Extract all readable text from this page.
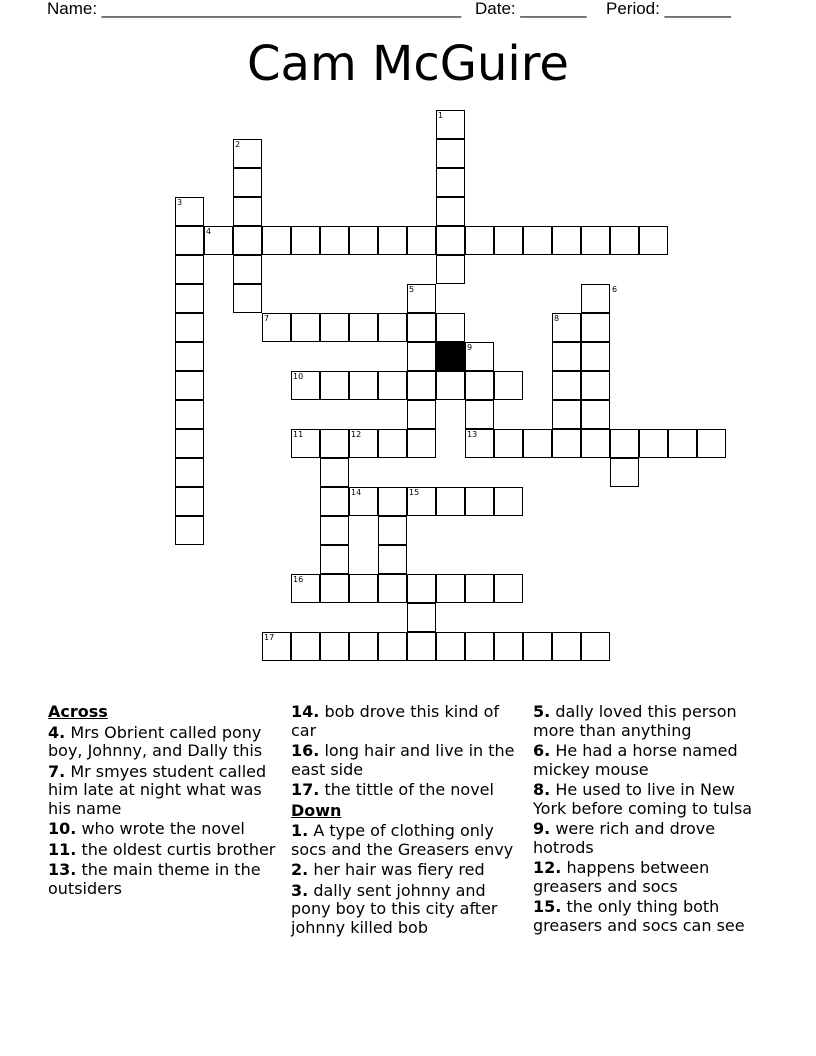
Name: ______________________________________ Date: _______ Period: _______
Cam McGuire
1
2
3
4
5	6
7	8
9
10
11	12	13
14	15
16
17

Across

4. Mrs Obrient called pony boy, Johnny, and Dally this

7. Mr smyes student called him late at night what was his name

10. who wrote the novel

11. the oldest curtis brother

13. the main theme in the outsiders

14. bob drove this kind of car

16. long hair and live in the east side

17. the tittle of the novel

Down

1. A type of clothing only socs and the Greasers envy

2. her hair was fiery red

3. dally sent johnny and pony boy to this city after johnny killed bob

5. dally loved this person more than anything

6. He had a horse named mickey mouse

8. He used to live in New York before coming to tulsa

9. were rich and drove hotrods

12. happens between greasers and socs

15. the only thing both greasers and socs can see
